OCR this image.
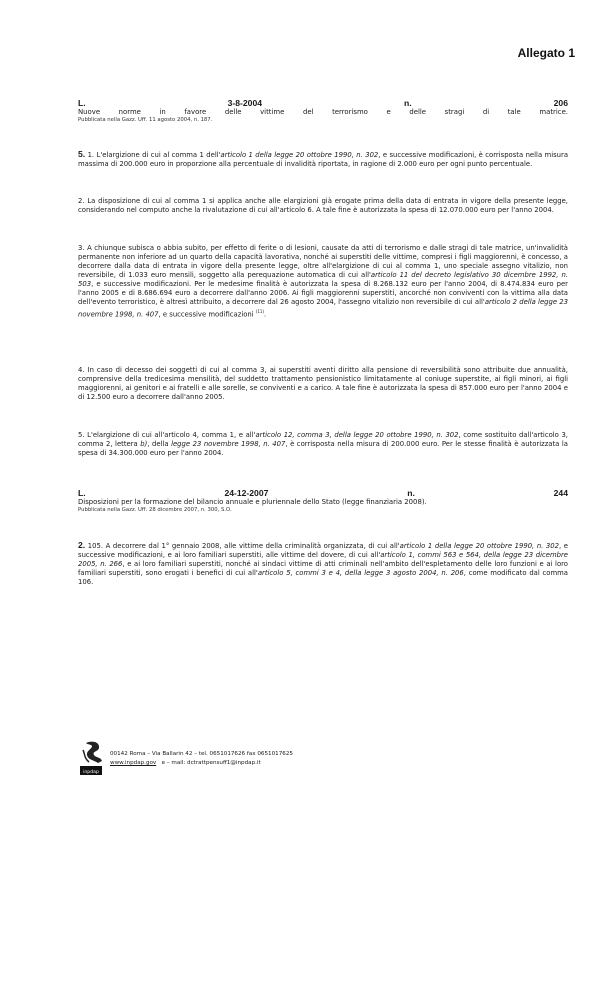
Allegato 1
L.	3-8-2004	n.	206
Nuove norme in favore delle vittime del terrorismo e delle stragi di tale matrice.
Pubblicata nella Gazz. Uff. 11 agosto 2004, n. 187.

5. 1. L'elargizione di cui al comma 1 dell'articolo 1 della legge 20 ottobre 1990, n. 302, e successive modificazioni, è corrisposta nella misura massima di 200.000 euro in proporzione alla percentuale di invalidità riportata, in ragione di 2.000 euro per ogni punto percentuale.

2. La disposizione di cui al comma 1 si applica anche alle elargizioni già erogate prima della data di entrata in vigore della presente legge, considerando nel computo anche la rivalutazione di cui all'articolo 6. A tale fine è autorizzata la spesa di 12.070.000 euro per l'anno 2004.

3. A chiunque subisca o abbia subito, per effetto di ferite o di lesioni, causate da atti di terrorismo e dalle stragi di tale matrice, un'invalidità permanente non inferiore ad un quarto della capacità lavorativa, nonché ai superstiti delle vittime, compresi i figli maggiorenni, è concesso, a decorrere dalla data di entrata in vigore della presente legge, oltre all'elargizione di cui al comma 1, uno speciale assegno vitalizio, non reversibile, di 1.033 euro mensili, soggetto alla perequazione automatica di cui all'articolo 11 del decreto legislativo 30 dicembre 1992, n. 503, e successive modificazioni. Per le medesime finalità è autorizzata la spesa di 8.268.132 euro per l'anno 2004, di 8.474.834 euro per l'anno 2005 e di 8.686.694 euro a decorrere dall'anno 2006. Ai figli maggiorenni superstiti, ancorché non conviventi con la vittima alla data dell'evento terroristico, è altresì attribuito, a decorrere dal 26 agosto 2004, l'assegno vitalizio non reversibile di cui all'articolo 2 della legge 23 novembre 1998, n. 407, e successive modificazioni $^{(11)}$.

4. In caso di decesso dei soggetti di cui al comma 3, ai superstiti aventi diritto alla pensione di reversibilità sono attribuite due annualità, comprensive della tredicesima mensilità, del suddetto trattamento pensionistico limitatamente al coniuge superstite, ai figli minori, ai figli maggiorenni, ai genitori e ai fratelli e alle sorelle, se conviventi e a carico. A tale fine è autorizzata la spesa di 857.000 euro per l'anno 2004 e di 12.500 euro a decorrere dall'anno 2005.

5. L'elargizione di cui all'articolo 4, comma 1, e all'articolo 12, comma 3, della legge 20 ottobre 1990, n. 302, come sostituito dall'articolo 3, comma 2, lettera b), della legge 23 novembre 1998, n. 407, è corrisposta nella misura di 200.000 euro. Per le stesse finalità è autorizzata la spesa di 34.300.000 euro per l'anno 2004.

L.	24-12-2007	n.	244
Disposizioni per la formazione del bilancio annuale e pluriennale dello Stato (legge finanziaria 2008).
Pubblicata nella Gazz. Uff. 28 dicembre 2007, n. 300, S.O.

2. 105. A decorrere dal 1° gennaio 2008, alle vittime della criminalità organizzata, di cui all'articolo 1 della legge 20 ottobre 1990, n. 302, e successive modificazioni, e ai loro familiari superstiti, alle vittime del dovere, di cui all'articolo 1, commi 563 e 564, della legge 23 dicembre 2005, n. 266, e ai loro familiari superstiti, nonché ai sindaci vittime di atti criminali nell'ambito dell'espletamento delle loro funzioni e ai loro familiari superstiti, sono erogati i benefici di cui all'articolo 5, commi 3 e 4, della legge 3 agosto 2004, n. 206, come modificato dal comma 106.

inpdap
00142 Roma – Via Ballarin 42 – tel. 0651017626 fax 0651017625
www.inpdap.gov e – mail: dctrattpensuff1@inpdap.it
